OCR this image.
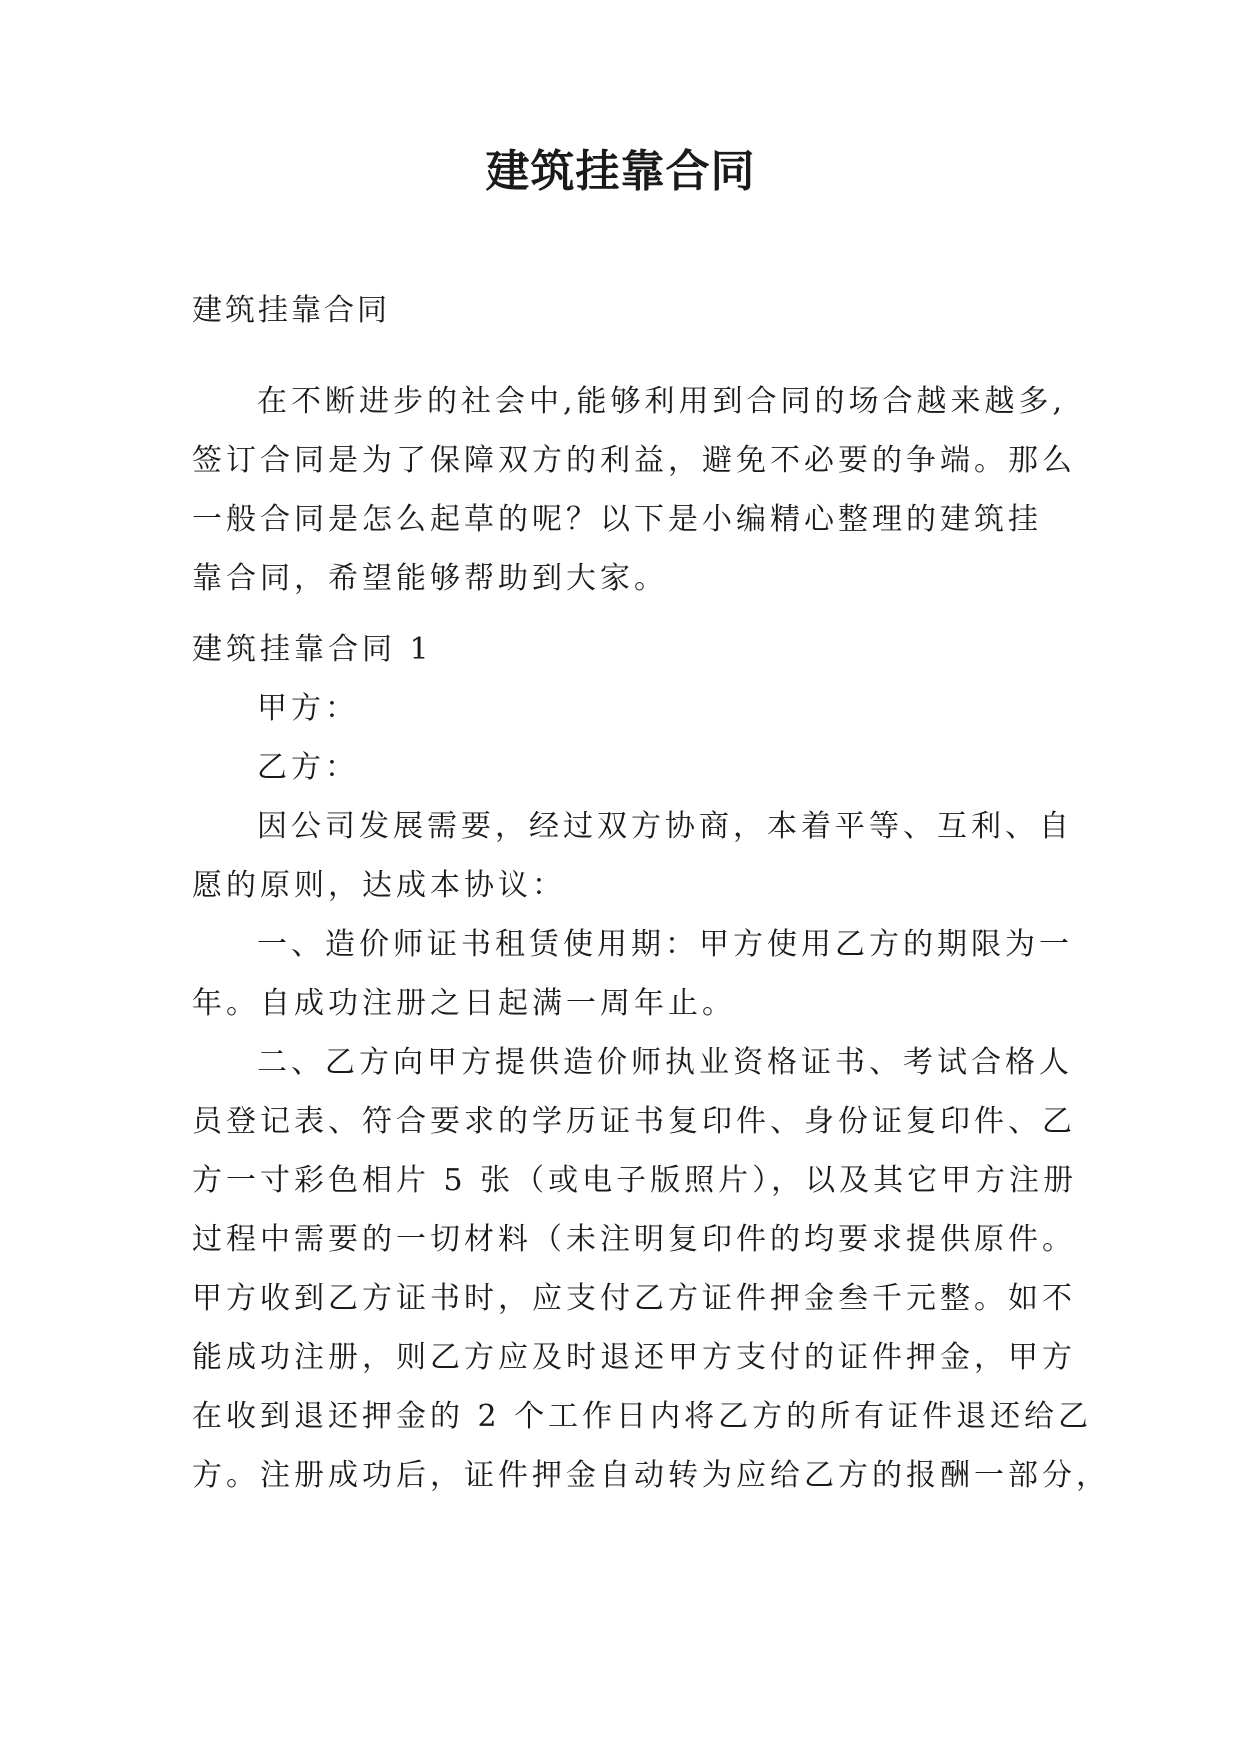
建筑挂靠合同
建筑挂靠合同

在不断进步的社会中,能够利用到合同的场合越来越多,

签订合同是为了保障双方的利益，避免不必要的争端。那么

一般合同是怎么起草的呢？以下是小编精心整理的建筑挂

靠合同，希望能够帮助到大家。

建筑挂靠合同 1

甲方：

乙方：

因公司发展需要，经过双方协商，本着平等、互利、自

愿的原则，达成本协议：

一、造价师证书租赁使用期：甲方使用乙方的期限为一

年。自成功注册之日起满一周年止。

二、乙方向甲方提供造价师执业资格证书、考试合格人

员登记表、符合要求的学历证书复印件、身份证复印件、乙

方一寸彩色相片 5 张（或电子版照片），以及其它甲方注册

过程中需要的一切材料（未注明复印件的均要求提供原件。

甲方收到乙方证书时，应支付乙方证件押金叁千元整。如不

能成功注册，则乙方应及时退还甲方支付的证件押金，甲方

在收到退还押金的 2 个工作日内将乙方的所有证件退还给乙

方。注册成功后，证件押金自动转为应给乙方的报酬一部分，
